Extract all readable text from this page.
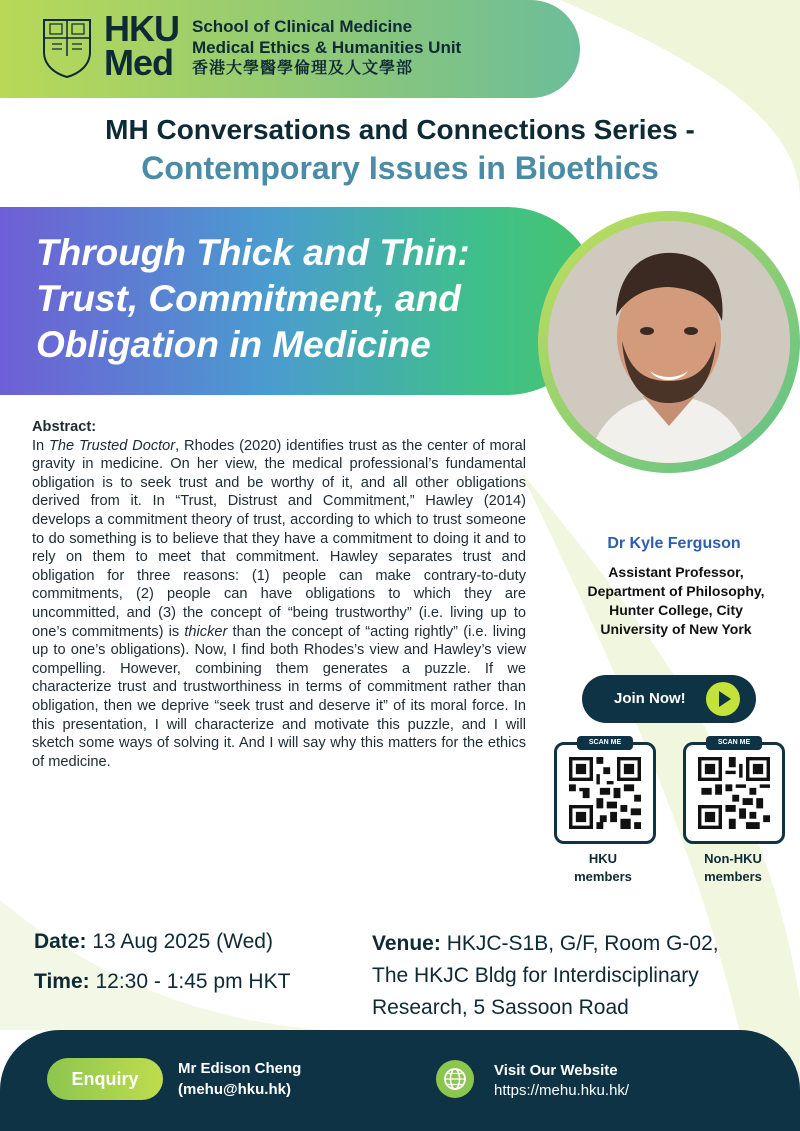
HKU
Med
School of Clinical Medicine
Medical Ethics & Humanities Unit
香港大學醫學倫理及人文學部
MH Conversations and Connections Series -
Contemporary Issues in Bioethics
Through Thick and Thin:
Trust, Commitment, and
Obligation in Medicine
Abstract:
In The Trusted Doctor, Rhodes (2020) identifies trust as the center of moral gravity in medicine. On her view, the medical professional’s fundamental obligation is to seek trust and be worthy of it, and all other obligations derived from it. In “Trust, Distrust and Commitment,” Hawley (2014) develops a commitment theory of trust, according to which to trust someone to do something is to believe that they have a commitment to doing it and to rely on them to meet that commitment. Hawley separates trust and obligation for three reasons: (1) people can make contrary-to-duty commitments, (2) people can have obligations to which they are uncommitted, and (3) the concept of “being trustworthy” (i.e. living up to one’s commitments) is thicker than the concept of “acting rightly” (i.e. living up to one’s obligations). Now, I find both Rhodes’s view and Hawley’s view compelling. However, combining them generates a puzzle. If we characterize trust and trustworthiness in terms of commitment rather than obligation, then we deprive “seek trust and deserve it” of its moral force. In this presentation, I will characterize and motivate this puzzle, and I will sketch some ways of solving it. And I will say why this matters for the ethics of medicine.
Dr Kyle Ferguson
Assistant Professor,
Department of Philosophy,
Hunter College, City
University of New York
Join Now!
SCAN ME	SCAN ME
HKU
members
Non-HKU
members
Date: 13 Aug 2025 (Wed)
Time: 12:30 - 1:45 pm HKT
Venue: HKJC-S1B, G/F, Room G-02,
The HKJC Bldg for Interdisciplinary
Research, 5 Sassoon Road
Enquiry
Mr Edison Cheng
(mehu@hku.hk)
Visit Our Website
https://mehu.hku.hk/
